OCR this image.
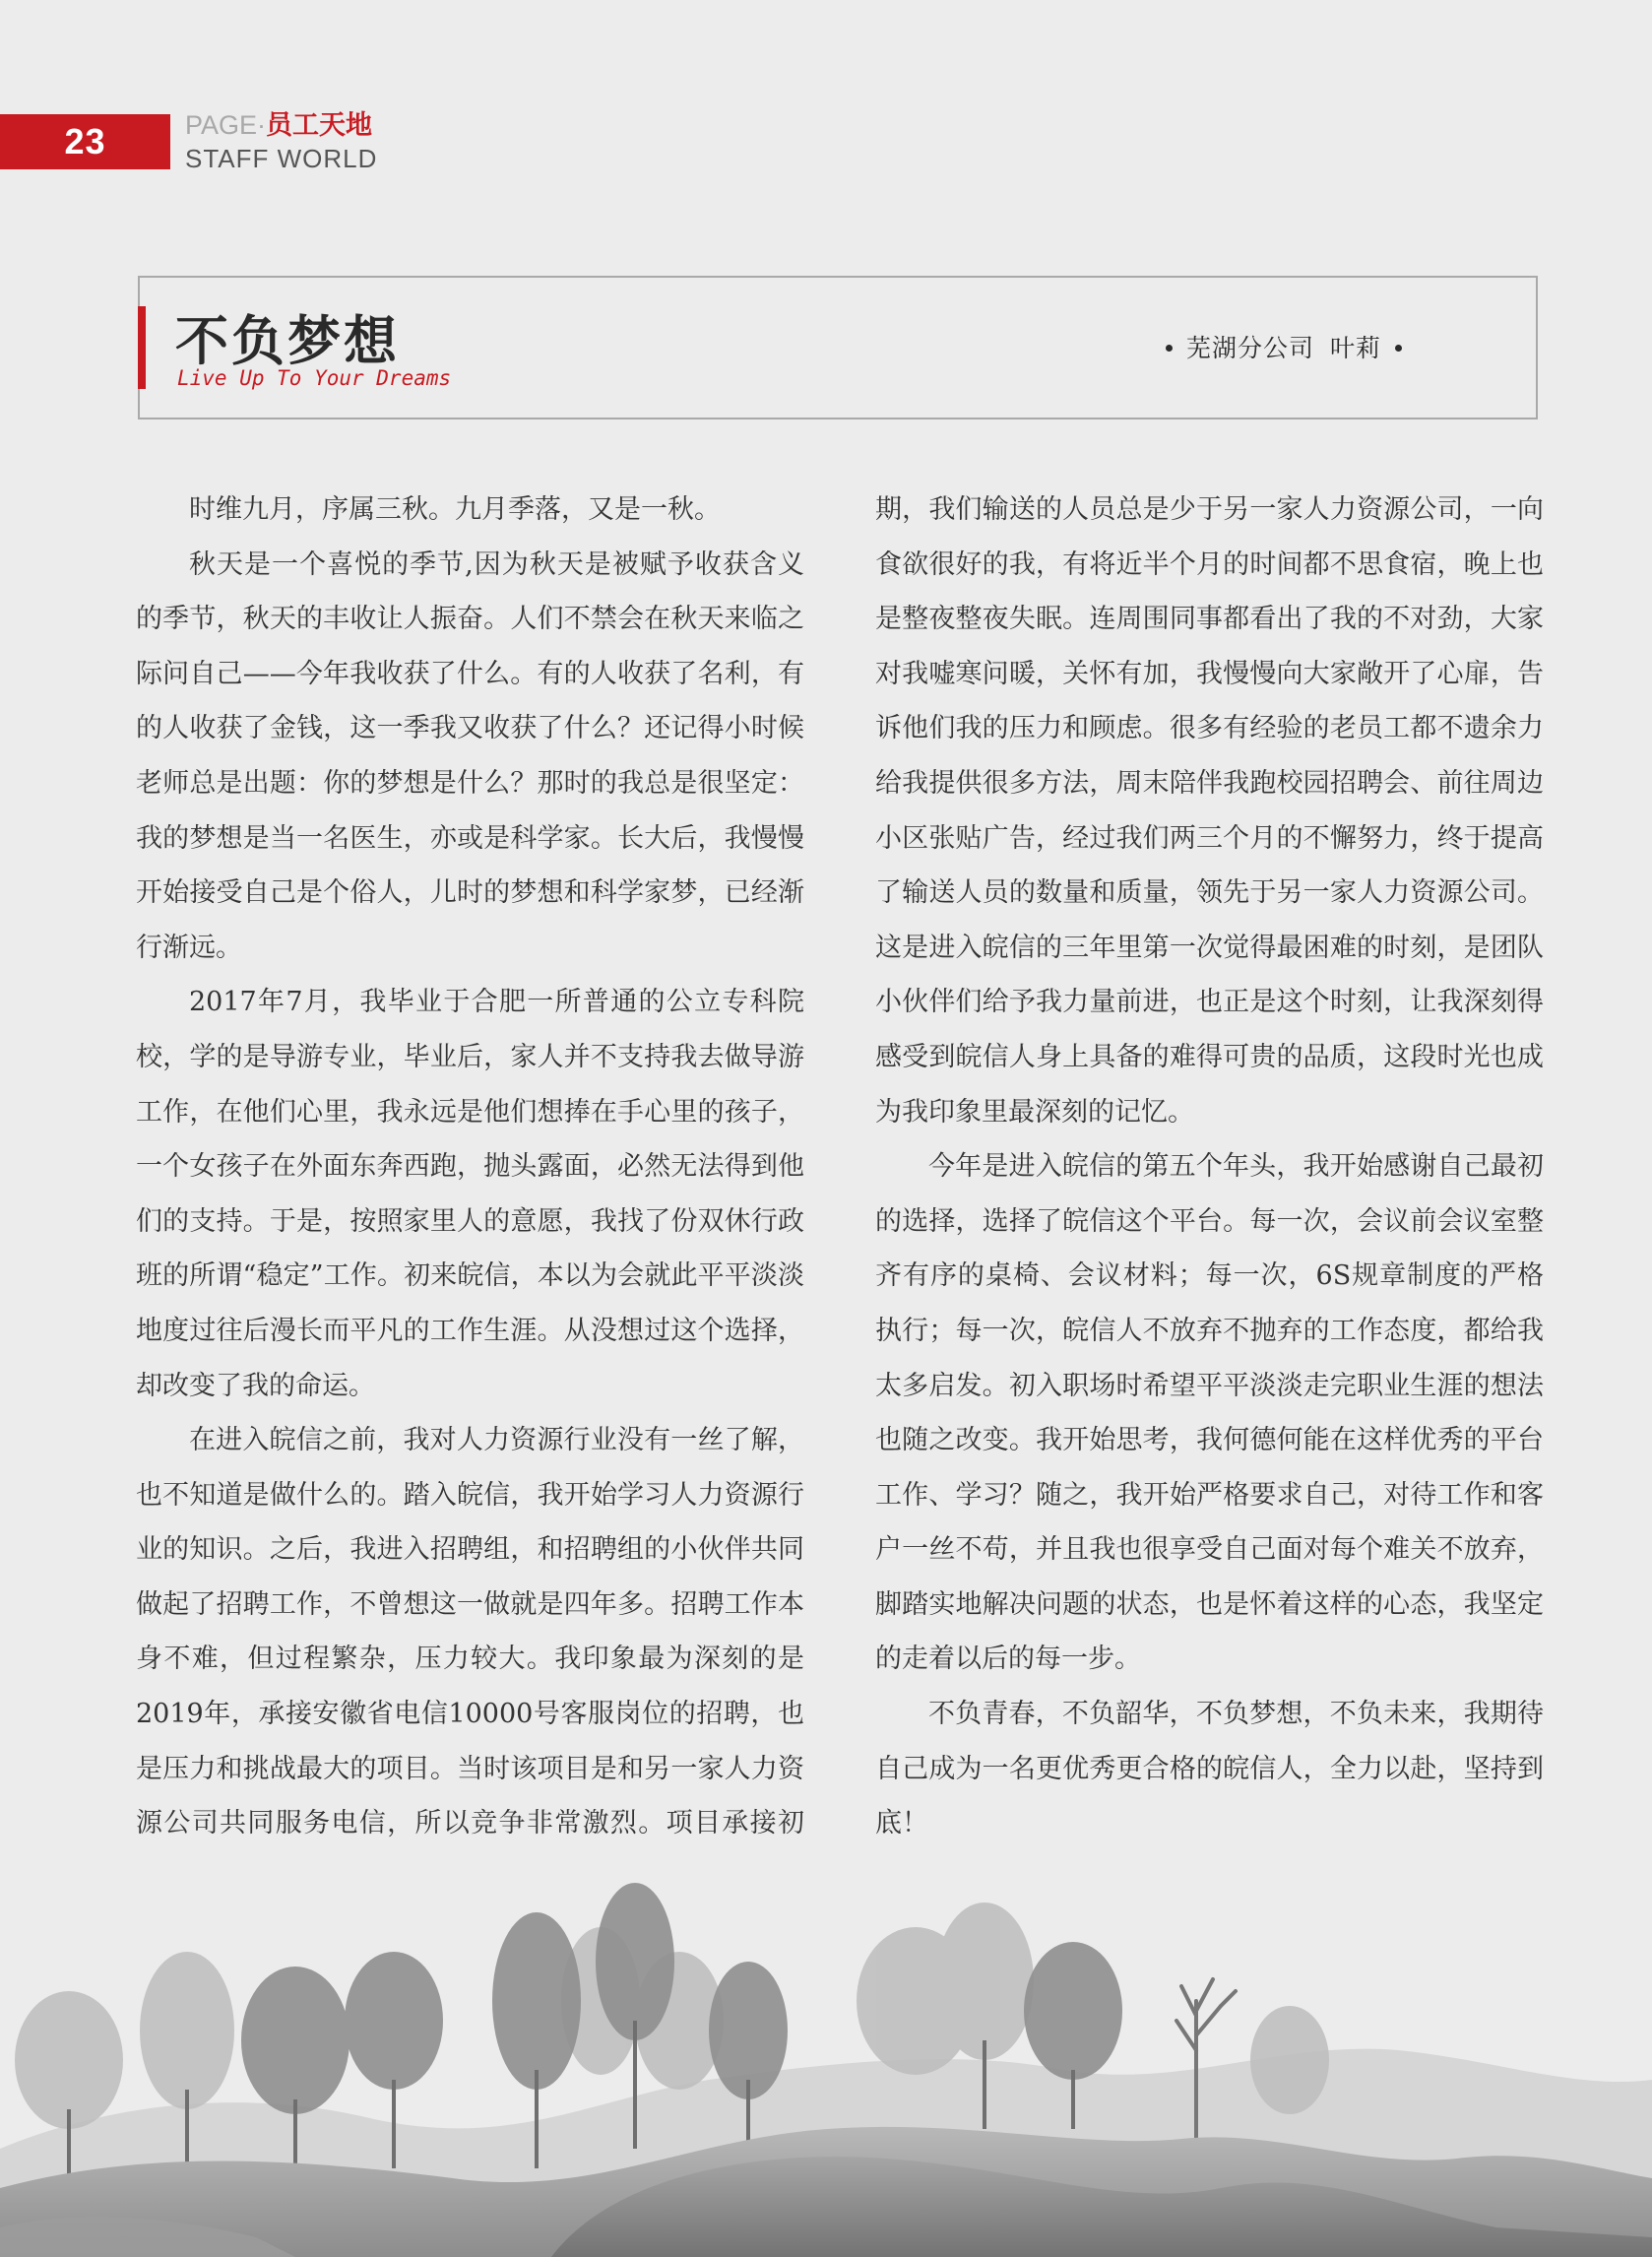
23	PAGE·员工天地
STAFF WORLD
不负梦想
Live Up To Your Dreams
芜湖分公司 叶莉

时维九月，序属三秋。九月季落，又是一秋。

秋天是一个喜悦的季节,因为秋天是被赋予收获含义的季节，秋天的丰收让人振奋。人们不禁会在秋天来临之际问自己——今年我收获了什么。有的人收获了名利，有的人收获了金钱，这一季我又收获了什么？还记得小时候老师总是出题：你的梦想是什么？那时的我总是很坚定：我的梦想是当一名医生，亦或是科学家。长大后，我慢慢开始接受自己是个俗人，儿时的梦想和科学家梦，已经渐行渐远。

2017年7月，我毕业于合肥一所普通的公立专科院校，学的是导游专业，毕业后，家人并不支持我去做导游工作，在他们心里，我永远是他们想捧在手心里的孩子，一个女孩子在外面东奔西跑，抛头露面，必然无法得到他们的支持。于是，按照家里人的意愿，我找了份双休行政班的所谓“稳定”工作。初来皖信，本以为会就此平平淡淡地度过往后漫长而平凡的工作生涯。从没想过这个选择，却改变了我的命运。

在进入皖信之前，我对人力资源行业没有一丝了解，也不知道是做什么的。踏入皖信，我开始学习人力资源行业的知识。之后，我进入招聘组，和招聘组的小伙伴共同做起了招聘工作，不曾想这一做就是四年多。招聘工作本身不难，但过程繁杂，压力较大。我印象最为深刻的是2019年，承接安徽省电信10000号客服岗位的招聘，也是压力和挑战最大的项目。当时该项目是和另一家人力资源公司共同服务电信，所以竞争非常激烈。项目承接初期，我们输送的人员总是少于另一家人力资源公司，一向食欲很好的我，有将近半个月的时间都不思食宿，晚上也是整夜整夜失眠。连周围同事都看出了我的不对劲，大家对我嘘寒问暖，关怀有加，我慢慢向大家敞开了心扉，告诉他们我的压力和顾虑。很多有经验的老员工都不遗余力给我提供很多方法，周末陪伴我跑校园招聘会、前往周边小区张贴广告，经过我们两三个月的不懈努力，终于提高了输送人员的数量和质量，领先于另一家人力资源公司。这是进入皖信的三年里第一次觉得最困难的时刻，是团队小伙伴们给予我力量前进，也正是这个时刻，让我深刻得感受到皖信人身上具备的难得可贵的品质，这段时光也成为我印象里最深刻的记忆。

今年是进入皖信的第五个年头，我开始感谢自己最初的选择，选择了皖信这个平台。每一次，会议前会议室整齐有序的桌椅、会议材料；每一次，6S规章制度的严格执行；每一次，皖信人不放弃不抛弃的工作态度，都给我太多启发。初入职场时希望平平淡淡走完职业生涯的想法也随之改变。我开始思考，我何德何能在这样优秀的平台工作、学习？随之，我开始严格要求自己，对待工作和客户一丝不苟，并且我也很享受自己面对每个难关不放弃，脚踏实地解决问题的状态，也是怀着这样的心态，我坚定的走着以后的每一步。

不负青春，不负韶华，不负梦想，不负未来，我期待自己成为一名更优秀更合格的皖信人，全力以赴，坚持到底！
